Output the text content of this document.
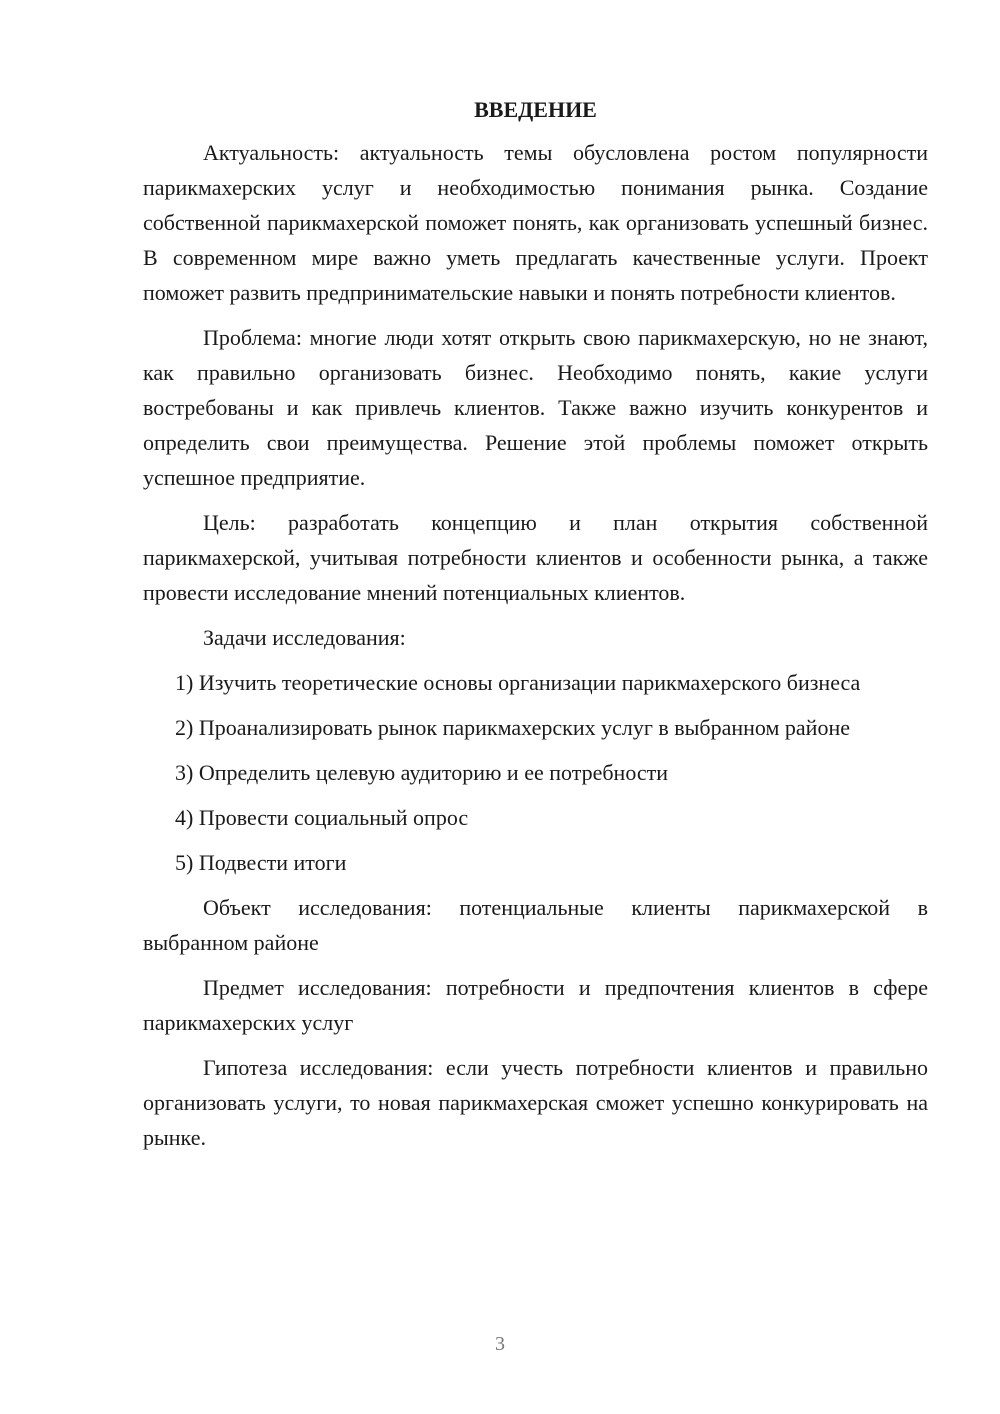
ВВЕДЕНИЕ

Актуальность: актуальность темы обусловлена ростом популярности парикмахерских услуг и необходимостью понимания рынка. Создание собственной парикмахерской поможет понять, как организовать успешный бизнес. В современном мире важно уметь предлагать качественные услуги. Проект поможет развить предпринимательские навыки и понять потребности клиентов.

Проблема: многие люди хотят открыть свою парикмахерскую, но не знают, как правильно организовать бизнес. Необходимо понять, какие услуги востребованы и как привлечь клиентов. Также важно изучить конкурентов и определить свои преимущества. Решение этой проблемы поможет открыть успешное предприятие.

Цель: разработать концепцию и план открытия собственной парикмахерской, учитывая потребности клиентов и особенности рынка, а также провести исследование мнений потенциальных клиентов.

Задачи исследования:

1) Изучить теоретические основы организации парикмахерского бизнеса

2) Проанализировать рынок парикмахерских услуг в выбранном районе

3) Определить целевую аудиторию и ее потребности

4) Провести социальный опрос

5) Подвести итоги

Объект исследования: потенциальные клиенты парикмахерской в выбранном районе

Предмет исследования: потребности и предпочтения клиентов в сфере парикмахерских услуг

Гипотеза исследования: если учесть потребности клиентов и правильно организовать услуги, то новая парикмахерская сможет успешно конкурировать на рынке.

3
